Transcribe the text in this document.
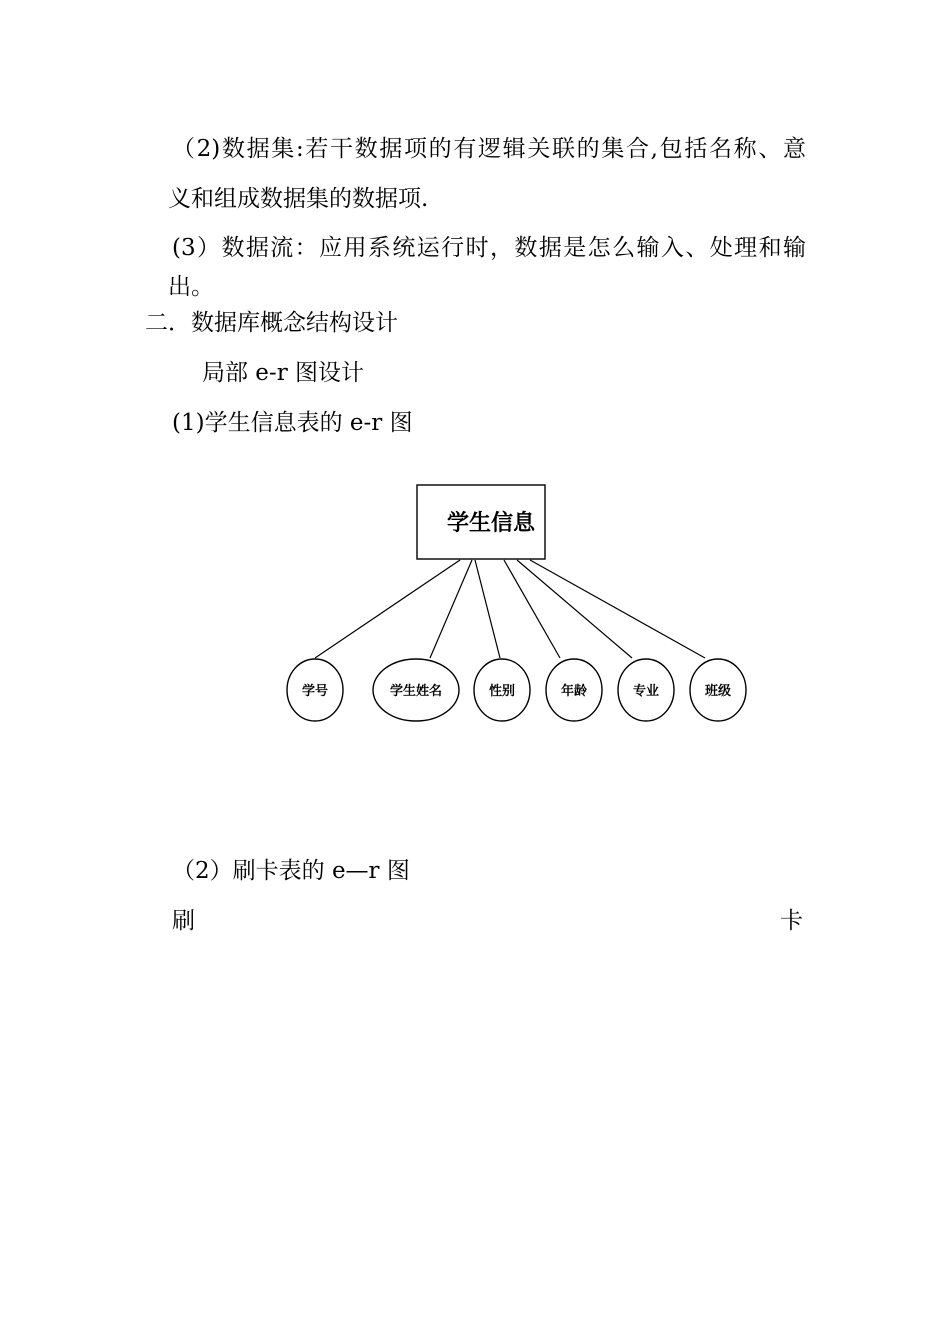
（2)数据集:若干数据项的有逻辑关联的集合,包括名称、意
义和组成数据集的数据项.
(3）数据流：应用系统运行时，数据是怎么输入、处理和输
出。
二．数据库概念结构设计
局部 e-r 图设计
(1)学生信息表的 e-r 图
学生信息
学号	学生姓名	性别	年龄	专业	班级
（2）刷卡表的 e—r 图
刷	卡
